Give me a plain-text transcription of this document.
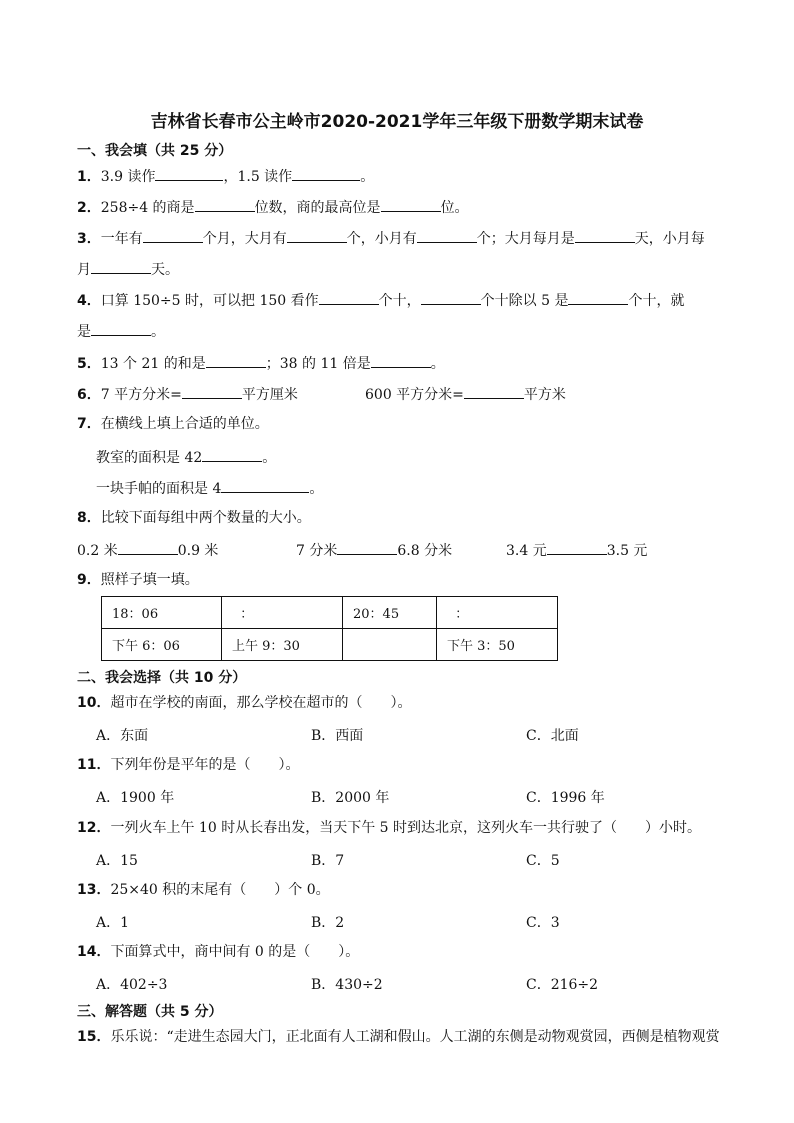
吉林省长春市公主岭市2020-2021学年三年级下册数学期末试卷
一、我会填（共 25 分）
1．3.9 读作	，1.5 读作	。
2．258÷4 的商是	位数，商的最高位是	位。
3．一年有	个月，大月有	个，小月有	个；大月每月是	天，小月每
月	天。
4．口算 150÷5 时，可以把 150 看作	个十，	个十除以 5 是	个十，就
是	。
5．13 个 21 的和是	；38 的 11 倍是	。
6．7 平方分米=	平方厘米	600 平方分米=	平方米
7．在横线上填上合适的单位。
教室的面积是 42	。
一块手帕的面积是 4	。
8．比较下面每组中两个数量的大小。
0.2 米	0.9 米	7 分米	6.8 分米	3.4 元	3.5 元
9．照样子填一填。
18：06	：	20：45	：
下午 6：06	上午 9：30		下午 3：50
二、我会选择（共 10 分）
10．超市在学校的南面，那么学校在超市的（　　）。
A．东面	B．西面	C．北面
11．下列年份是平年的是（　　）。
A．1900 年	B．2000 年	C．1996 年
12．一列火车上午 10 时从长春出发，当天下午 5 时到达北京，这列火车一共行驶了（　　）小时。
A．15	B．7	C．5
13．25×40 积的末尾有（　　）个 0。
A．1	B．2	C．3
14．下面算式中，商中间有 0 的是（　　）。
A．402÷3	B．430÷2	C．216÷2
三、解答题（共 5 分）
15．乐乐说：“走进生态园大门，正北面有人工湖和假山。人工湖的东侧是动物观赏园，西侧是植物观赏
